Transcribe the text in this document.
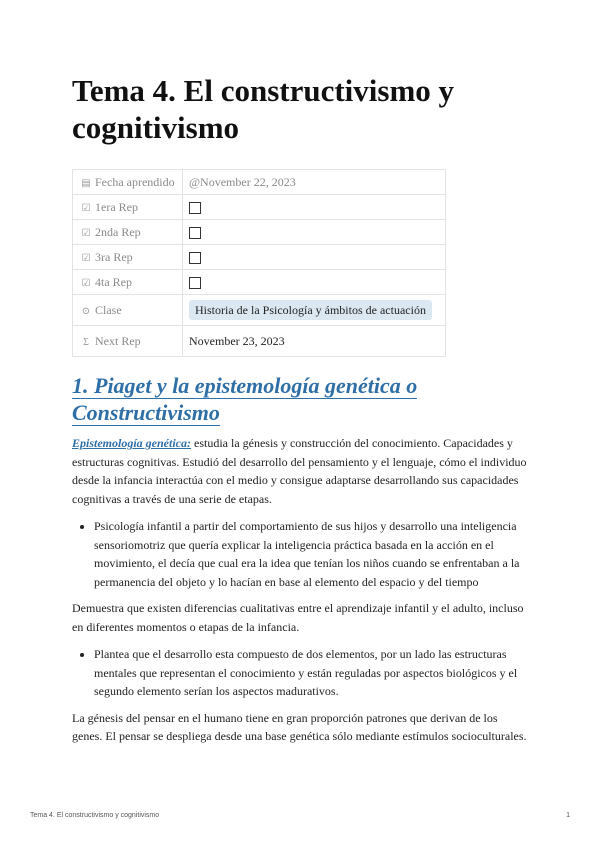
Tema 4. El constructivismo y cognitivismo
▤ Fecha aprendido	@November 22, 2023
☑ 1era Rep	
☑ 2nda Rep	
☑ 3ra Rep	
☑ 4ta Rep	
⊙ Clase	Historia de la Psicología y ámbitos de actuación
Σ Next Rep	November 23, 2023
1. Piaget y la epistemología genética o Constructivismo

Epistemología genética: estudia la génesis y construcción del conocimiento. Capacidades y estructuras cognitivas. Estudió del desarrollo del pensamiento y el lenguaje, cómo el individuo desde la infancia interactúa con el medio y consigue adaptarse desarrollando sus capacidades cognitivas a través de una serie de etapas.

• Psicología infantil a partir del comportamiento de sus hijos y desarrollo una inteligencia sensoriomotriz que quería explicar la inteligencia práctica basada en la acción en el movimiento, el decía que cual era la idea que tenían los niños cuando se enfrentaban a la permanencia del objeto y lo hacían en base al elemento del espacio y del tiempo

Demuestra que existen diferencias cualitativas entre el aprendizaje infantil y el adulto, incluso en diferentes momentos o etapas de la infancia.

• Plantea que el desarrollo esta compuesto de dos elementos, por un lado las estructuras mentales que representan el conocimiento y están reguladas por aspectos biológicos y el segundo elemento serían los aspectos madurativos.

La génesis del pensar en el humano tiene en gran proporción patrones que derivan de los genes. El pensar se despliega desde una base genética sólo mediante estímulos socioculturales.

Tema 4. El constructivismo y cognitivismo	1
